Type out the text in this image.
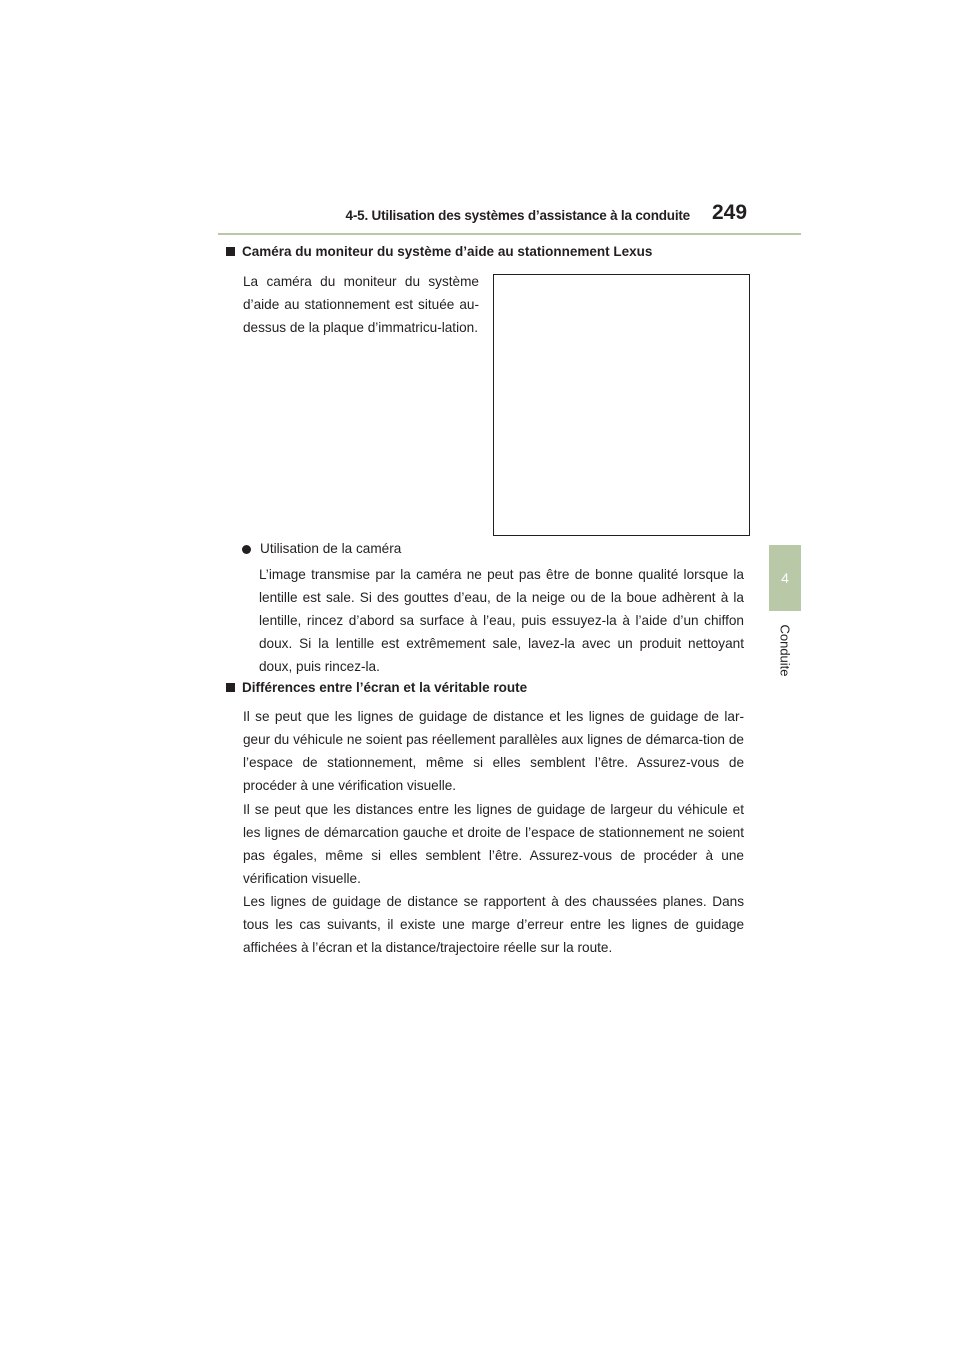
4-5. Utilisation des systèmes d’assistance à la conduite 249
4
Conduite
Caméra du moniteur du système d’aide au stationnement Lexus
La caméra du moniteur du système d’aide au stationnement est située au-dessus de la plaque d’immatricu-lation.
Utilisation de la caméra
L’image transmise par la caméra ne peut pas être de bonne qualité lorsque la lentille est sale. Si des gouttes d’eau, de la neige ou de la boue adhèrent à la lentille, rincez d’abord sa surface à l’eau, puis essuyez-la à l’aide d’un chiffon doux. Si la lentille est extrêmement sale, lavez-la avec un produit nettoyant doux, puis rincez-la.
Différences entre l’écran et la véritable route
Il se peut que les lignes de guidage de distance et les lignes de guidage de lar-geur du véhicule ne soient pas réellement parallèles aux lignes de démarca-tion de l’espace de stationnement, même si elles semblent l’être. Assurez-vous de procéder à une vérification visuelle.
Il se peut que les distances entre les lignes de guidage de largeur du véhicule et les lignes de démarcation gauche et droite de l’espace de stationnement ne soient pas égales, même si elles semblent l’être. Assurez-vous de procéder à une vérification visuelle.
Les lignes de guidage de distance se rapportent à des chaussées planes. Dans tous les cas suivants, il existe une marge d’erreur entre les lignes de guidage affichées à l’écran et la distance/trajectoire réelle sur la route.
